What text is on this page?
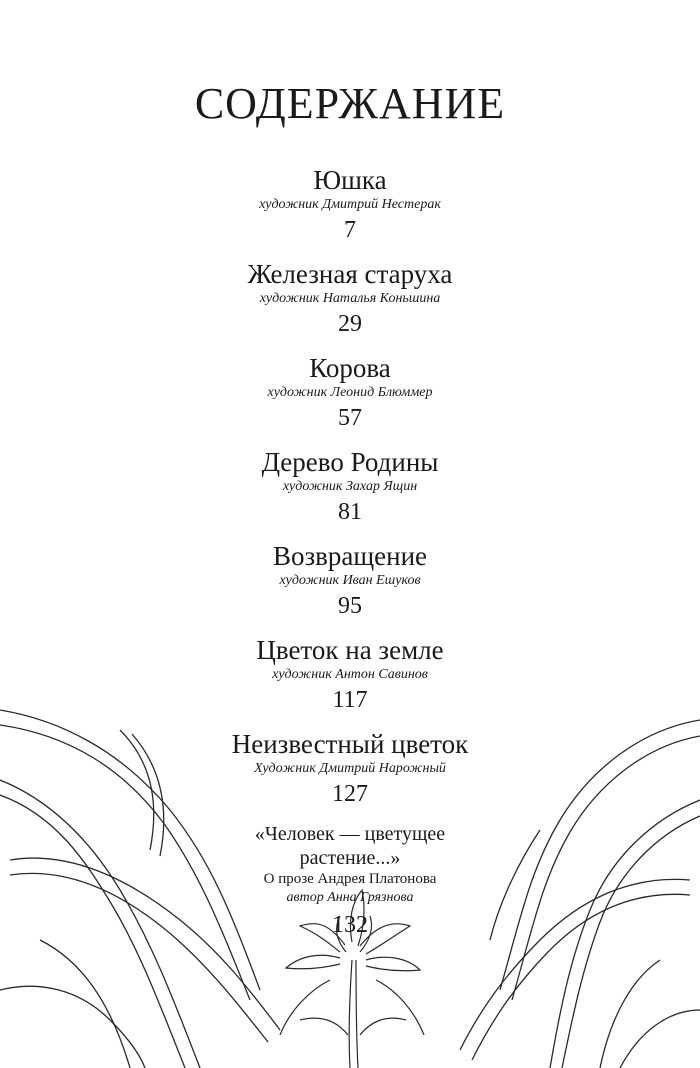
СОДЕРЖАНИЕ
Юшка
художник Дмитрий Нестерак
7
Железная старуха
художник Наталья Коньшина
29
Корова
художник Леонид Блюммер
57
Дерево Родины
художник Захар Ящин
81
Возвращение
художник Иван Ешуков
95
Цветок на земле
художник Антон Савинов
117
Неизвестный цветок
Художник Дмитрий Нарожный
127
«Человек — цветущее
растение...»
О прозе Андрея Платонова
автор Анна Грязнова
132
